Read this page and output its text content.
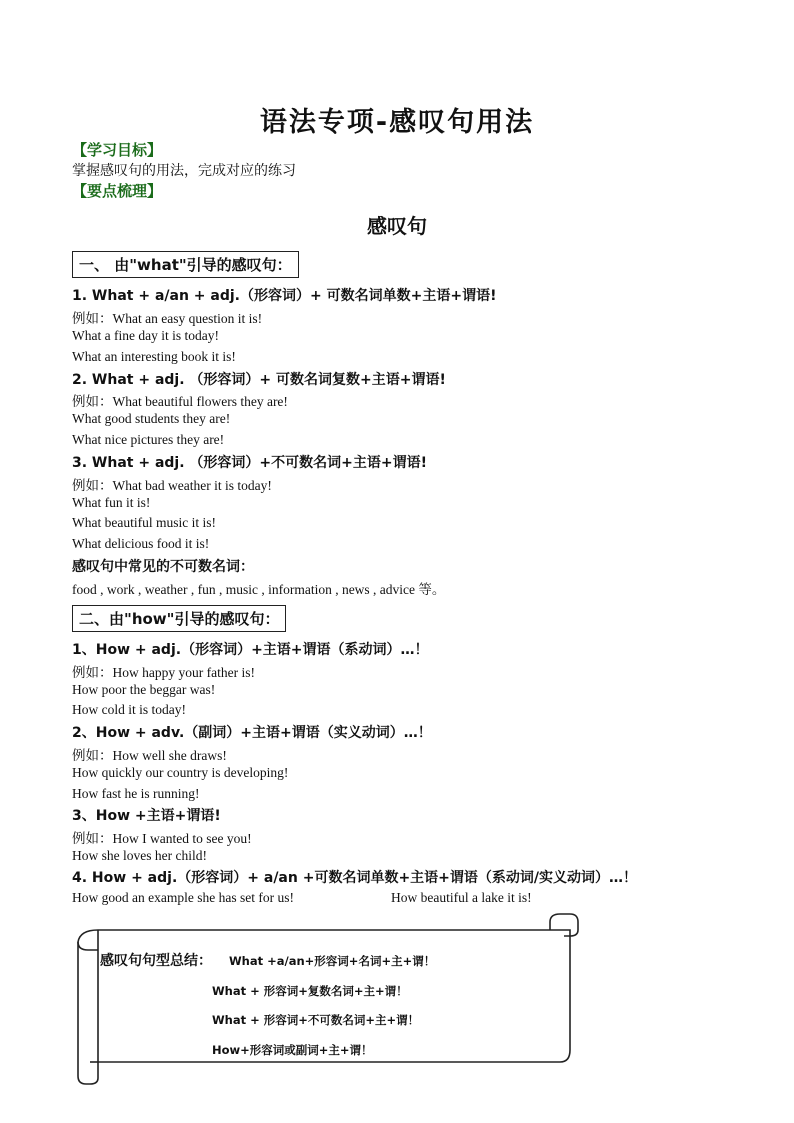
语法专项-感叹句用法
【学习目标】
掌握感叹句的用法，完成对应的练习
【要点梳理】
感叹句
一、 由"what"引导的感叹句：
1. What + a/an + adj.（形容词）+ 可数名词单数+主语+谓语!
例如：What an easy question it is!
What a fine day it is today!
What an interesting book it is!
2. What + adj. （形容词）+ 可数名词复数+主语+谓语!
例如：What beautiful flowers they are!
What good students they are!
What nice pictures they are!
3. What + adj. （形容词）+不可数名词+主语+谓语!
例如：What bad weather it is today!
What fun it is!
What beautiful music it is!
What delicious food it is!
感叹句中常见的不可数名词：
food , work , weather , fun , music , information , news , advice 等。
二、由"how"引导的感叹句：
1、How + adj.（形容词）+主语+谓语（系动词）…！
例如：How happy your father is!
How poor the beggar was!
How cold it is today!
2、How + adv.（副词）+主语+谓语（实义动词）…！
例如：How well she draws!
How quickly our country is developing!
How fast he is running!
3、How +主语+谓语!
例如：How I wanted to see you!
How she loves her child!
4. How + adj.（形容词）+ a/an +可数名词单数+主语+谓语（系动词/实义动词）…！
How good an example she has set for us!	How beautiful a lake it is!
感叹句句型总结： What +a/an+形容词+名词+主+谓！
What + 形容词+复数名词+主+谓！
What + 形容词+不可数名词+主+谓！
How+形容词或副词+主+谓！
